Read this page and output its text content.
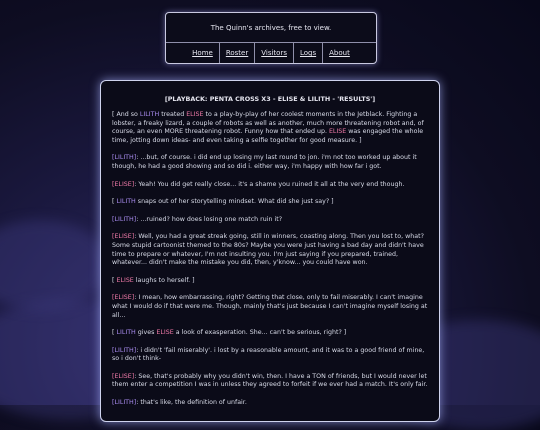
The Quinn's archives, free to view.
Home	Roster	Visitors	Logs	About
[PLAYBACK: PENTA CROSS X3 - ELISE & LILITH - 'RESULTS']

[ And so LILITH treated ELISE to a play-by-play of her coolest moments in the Jetblack. Fighting a lobster, a freaky lizard, a couple of robots as well as another, much more threatening robot and, of course, an even MORE threatening robot. Funny how that ended up. ELISE was engaged the whole time, jotting down ideas- and even taking a selfie together for good measure. ]

[LILITH]: ...but, of course. i did end up losing my last round to jon. i'm not too worked up about it though, he had a good showing and so did i. either way, i'm happy with how far i got.

[ELISE]: Yeah! You did get really close... it's a shame you ruined it all at the very end though.

[ LILITH snaps out of her storytelling mindset. What did she just say? ]

[LILITH]: ...ruined? how does losing one match ruin it?

[ELISE]: Well, you had a great streak going, still in winners, coasting along. Then you lost to, what? Some stupid cartoonist themed to the 80s? Maybe you were just having a bad day and didn't have time to prepare or whatever, I'm not insulting you. I'm just saying if you prepared, trained, whatever... didn't make the mistake you did, then, y'know... you could have won.

[ ELISE laughs to herself. ]

[ELISE]: I mean, how embarrassing, right? Getting that close, only to fail miserably. I can't imagine what I would do if that were me. Though, mainly that's just because I can't imagine myself losing at all...

[ LILITH gives ELISE a look of exasperation. She... can't be serious, right? ]

[LILITH]: i didn't 'fail miserably'. i lost by a reasonable amount, and it was to a good friend of mine, so i don't think-

[ELISE]: See, that's probably why you didn't win, then. I have a TON of friends, but I would never let them enter a competition I was in unless they agreed to forfeit if we ever had a match. It's only fair.

[LILITH]: that's like, the definition of unfair.
